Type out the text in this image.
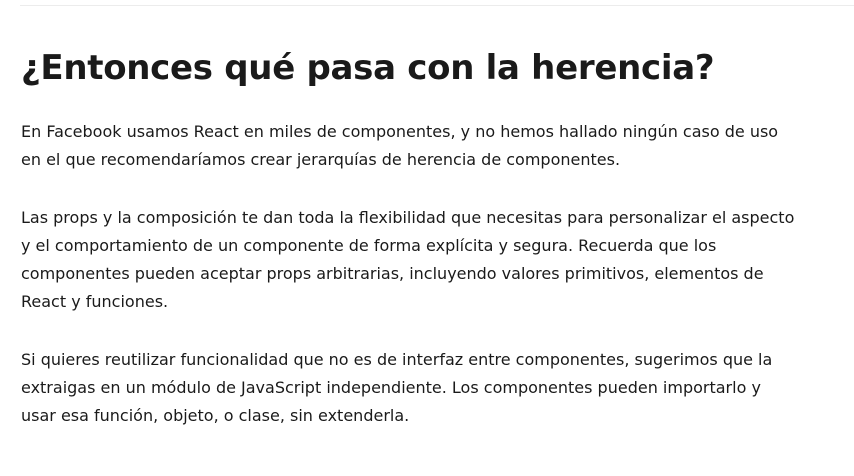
¿Entonces qué pasa con la herencia?

En Facebook usamos React en miles de componentes, y no hemos hallado ningún caso de uso
en el que recomendaríamos crear jerarquías de herencia de componentes.

Las props y la composición te dan toda la flexibilidad que necesitas para personalizar el aspecto
y el comportamiento de un componente de forma explícita y segura. Recuerda que los
componentes pueden aceptar props arbitrarias, incluyendo valores primitivos, elementos de
React y funciones.

Si quieres reutilizar funcionalidad que no es de interfaz entre componentes, sugerimos que la
extraigas en un módulo de JavaScript independiente. Los componentes pueden importarlo y
usar esa función, objeto, o clase, sin extenderla.
